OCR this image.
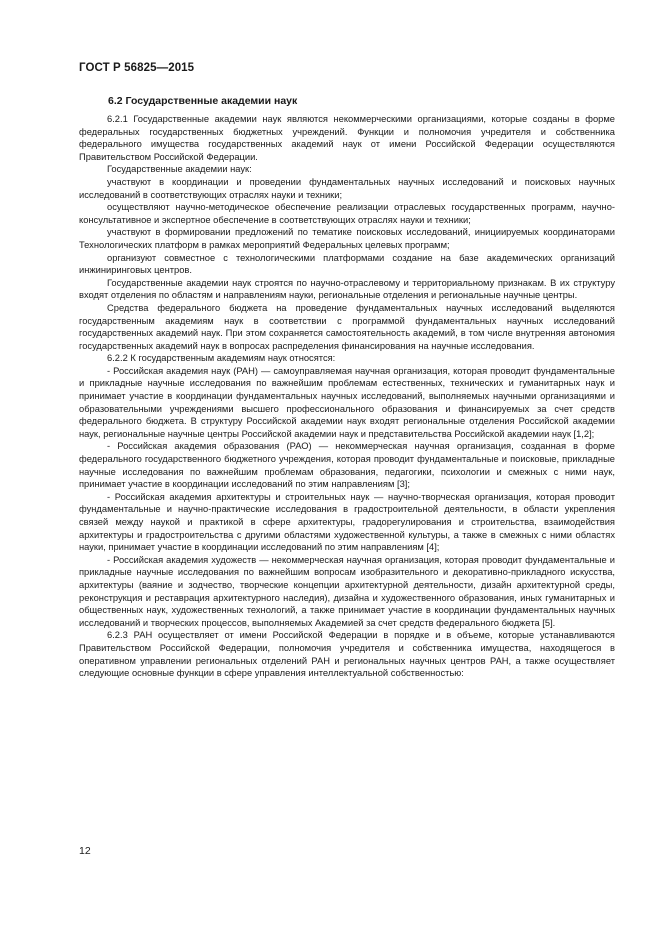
ГОСТ Р 56825—2015
6.2 Государственные академии наук

6.2.1 Государственные академии наук являются некоммерческими организациями, которые созданы в форме федеральных государственных бюджетных учреждений. Функции и полномочия учредителя и собственника федерального имущества государственных академий наук от имени Российской Федерации осуществляются Правительством Российской Федерации.

Государственные академии наук:

участвуют в координации и проведении фундаментальных научных исследований и поисковых научных исследований в соответствующих отраслях науки и техники;

осуществляют научно-методическое обеспечение реализации отраслевых государственных программ, научно-консультативное и экспертное обеспечение в соответствующих отраслях науки и техники;

участвуют в формировании предложений по тематике поисковых исследований, инициируемых координаторами Технологических платформ в рамках мероприятий Федеральных целевых программ;

организуют совместное с технологическими платформами создание на базе академических организаций инжиниринговых центров.

Государственные академии наук строятся по научно-отраслевому и территориальному признакам. В их структуру входят отделения по областям и направлениям науки, региональные отделения и региональные научные центры.

Средства федерального бюджета на проведение фундаментальных научных исследований выделяются государственным академиям наук в соответствии с программой фундаментальных научных исследований государственных академий наук. При этом сохраняется самостоятельность академий, в том числе внутренняя автономия государственных академий наук в вопросах распределения финансирования на научные исследования.

6.2.2 К государственным академиям наук относятся:

- Российская академия наук (РАН) — самоуправляемая научная организация, которая проводит фундаментальные и прикладные научные исследования по важнейшим проблемам естественных, технических и гуманитарных наук и принимает участие в координации фундаментальных научных исследований, выполняемых научными организациями и образовательными учреждениями высшего профессионального образования и финансируемых за счет средств федерального бюджета. В структуру Российской академии наук входят региональные отделения Российской академии наук, региональные научные центры Российской академии наук и представительства Российской академии наук [1,2];

- Российская академия образования (РАО) — некоммерческая научная организация, созданная в форме федерального государственного бюджетного учреждения, которая проводит фундаментальные и поисковые, прикладные научные исследования по важнейшим проблемам образования, педагогики, психологии и смежных с ними наук, принимает участие в координации исследований по этим направлениям [3];

- Российская академия архитектуры и строительных наук — научно-творческая организация, которая проводит фундаментальные и научно-практические исследования в градостроительной деятельности, в области укрепления связей между наукой и практикой в сфере архитектуры, градорегулирования и строительства, взаимодействия архитектуры и градостроительства с другими областями художественной культуры, а также в смежных с ними областях науки, принимает участие в координации исследований по этим направлениям [4];

- Российская академия художеств — некоммерческая научная организация, которая проводит фундаментальные и прикладные научные исследования по важнейшим вопросам изобразительного и декоративно-прикладного искусства, архитектуры (ваяние и зодчество, творческие концепции архитектурной деятельности, дизайн архитектурной среды, реконструкция и реставрация архитектурного наследия), дизайна и художественного образования, иных гуманитарных и общественных наук, художественных технологий, а также принимает участие в координации фундаментальных научных исследований и творческих процессов, выполняемых Академией за счет средств федерального бюджета [5].

6.2.3 РАН осуществляет от имени Российской Федерации в порядке и в объеме, которые устанавливаются Правительством Российской Федерации, полномочия учредителя и собственника имущества, находящегося в оперативном управлении региональных отделений РАН и региональных научных центров РАН, а также осуществляет следующие основные функции в сфере управления интеллектуальной собственностью:

12
